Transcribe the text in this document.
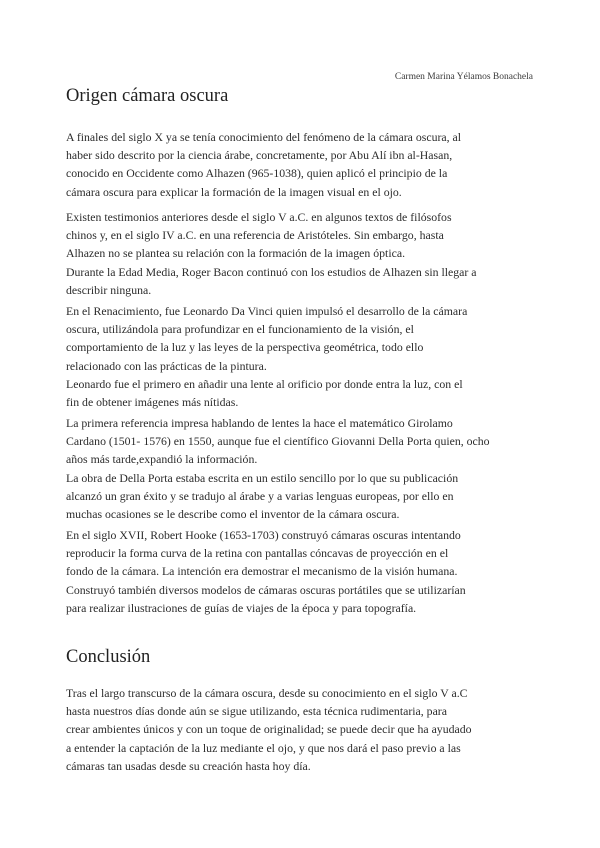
Carmen Marina Yélamos Bonachela
Origen cámara oscura

A finales del siglo X ya se tenía conocimiento del fenómeno de la cámara oscura, al
haber sido descrito por la ciencia árabe, concretamente, por Abu Alí ibn al-Hasan,
conocido en Occidente como Alhazen (965-1038), quien aplicó el principio de la
cámara oscura para explicar la formación de la imagen visual en el ojo.

Existen testimonios anteriores desde el siglo V a.C. en algunos textos de filósofos
chinos y, en el siglo IV a.C. en una referencia de Aristóteles. Sin embargo, hasta
Alhazen no se plantea su relación con la formación de la imagen óptica.
Durante la Edad Media, Roger Bacon continuó con los estudios de Alhazen sin llegar a
describir ninguna.

En el Renacimiento, fue Leonardo Da Vinci quien impulsó el desarrollo de la cámara
oscura, utilizándola para profundizar en el funcionamiento de la visión, el
comportamiento de la luz y las leyes de la perspectiva geométrica, todo ello
relacionado con las prácticas de la pintura.
Leonardo fue el primero en añadir una lente al orificio por donde entra la luz, con el
fin de obtener imágenes más nítidas.

La primera referencia impresa hablando de lentes la hace el matemático Girolamo
Cardano (1501- 1576) en 1550, aunque fue el científico Giovanni Della Porta quien, ocho
años más tarde,expandió la información.
La obra de Della Porta estaba escrita en un estilo sencillo por lo que su publicación
alcanzó un gran éxito y se tradujo al árabe y a varias lenguas europeas, por ello en
muchas ocasiones se le describe como el inventor de la cámara oscura.

En el siglo XVII, Robert Hooke (1653-1703) construyó cámaras oscuras intentando
reproducir la forma curva de la retina con pantallas cóncavas de proyección en el
fondo de la cámara. La intención era demostrar el mecanismo de la visión humana.
Construyó también diversos modelos de cámaras oscuras portátiles que se utilizarían
para realizar ilustraciones de guías de viajes de la época y para topografía.

Conclusión

Tras el largo transcurso de la cámara oscura, desde su conocimiento en el siglo V a.C
hasta nuestros días donde aún se sigue utilizando, esta técnica rudimentaria, para
crear ambientes únicos y con un toque de originalidad; se puede decir que ha ayudado
a entender la captación de la luz mediante el ojo, y que nos dará el paso previo a las
cámaras tan usadas desde su creación hasta hoy día.
